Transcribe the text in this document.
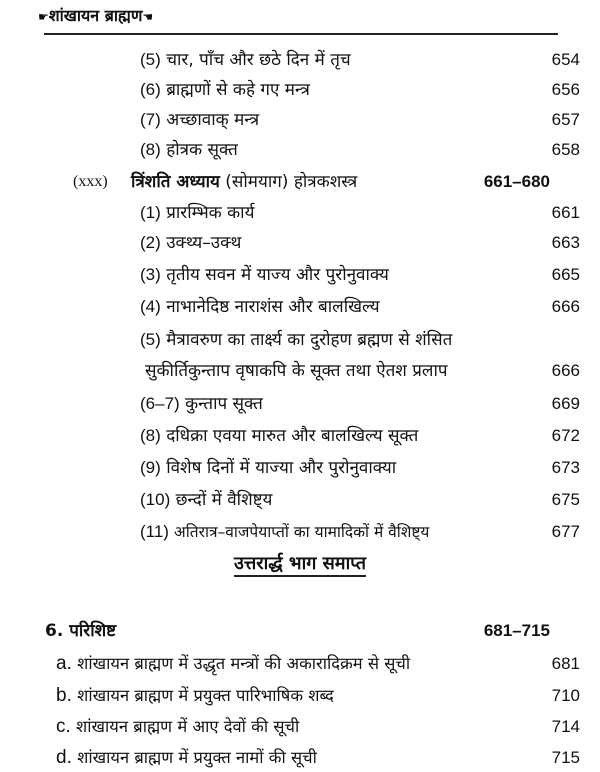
☛शांखायन ब्राह्मण☚
(5) चार, पाँच और छठे दिन में तृच	654
(6) ब्राह्मणों से कहे गए मन्त्र	656
(7) अच्छावाक् मन्त्र	657
(8) होत्रक सूक्त	658
(xxx) त्रिंशति अध्याय (सोमयाग) होत्रकशस्त्र	661–680
(1) प्रारम्भिक कार्य	661
(2) उक्थ्य–उक्थ	663
(3) तृतीय सवन में याज्य और पुरोनुवाक्य	665
(4) नाभानेदिष्ठ नाराशंस और बालखिल्य	666
(5) मैत्रावरुण का तार्क्ष्य का दुरोहण ब्रह्मण से शंसित
सुकीर्तिकुन्ताप वृषाकपि के सूक्त तथा ऐतश प्रलाप	666
(6–7) कुन्ताप सूक्त	669
(8) दधिक्रा एवया मारुत और बालखिल्य सूक्त	672
(9) विशेष दिनों में याज्या और पुरोनुवाक्या	673
(10) छन्दों में वैशिष्ट्य	675
(11) अतिरात्र–वाजपेयाप्तों का यामादिकों में वैशिष्ट्य	677
उत्तरार्द्ध भाग समाप्त
6. परिशिष्ट	681–715
a. शांखायन ब्राह्मण में उद्धृत मन्त्रों की अकारादिक्रम से सूची	681
b. शांखायन ब्राह्मण में प्रयुक्त पारिभाषिक शब्द	710
c. शांखायन ब्राह्मण में आए देवों की सूची	714
d. शांखायन ब्राह्मण में प्रयुक्त नामों की सूची	715
